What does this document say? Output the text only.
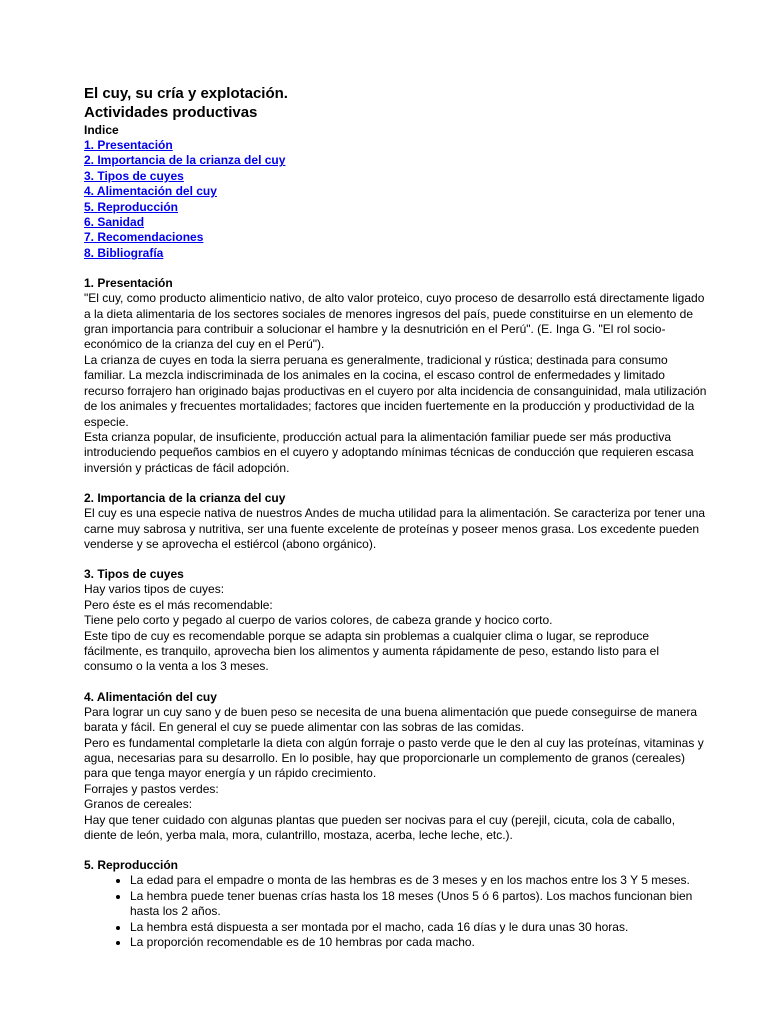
El cuy, su cría y explotación.
Actividades productivas
Indice
1. Presentación
2. Importancia de la crianza del cuy
3. Tipos de cuyes
4. Alimentación del cuy
5. Reproducción
6. Sanidad
7. Recomendaciones
8. Bibliografía
1. Presentación

"El cuy, como producto alimenticio nativo, de alto valor proteico, cuyo proceso de desarrollo está directamente ligado a la dieta alimentaria de los sectores sociales de menores ingresos del país, puede constituirse en un elemento de gran importancia para contribuir a solucionar el hambre y la desnutrición en el Perú". (E. Inga G. "El rol socio-económico de la crianza del cuy en el Perú").

La crianza de cuyes en toda la sierra peruana es generalmente, tradicional y rústica; destinada para consumo familiar. La mezcla indiscriminada de los animales en la cocina, el escaso control de enfermedades y limitado recurso forrajero han originado bajas productivas en el cuyero por alta incidencia de consanguinidad, mala utilización de los animales y frecuentes mortalidades; factores que inciden fuertemente en la producción y productividad de la especie.

Esta crianza popular, de insuficiente, producción actual para la alimentación familiar puede ser más productiva introduciendo pequeños cambios en el cuyero y adoptando mínimas técnicas de conducción que requieren escasa inversión y prácticas de fácil adopción.

2. Importancia de la crianza del cuy

El cuy es una especie nativa de nuestros Andes de mucha utilidad para la alimentación. Se caracteriza por tener una carne muy sabrosa y nutritiva, ser una fuente excelente de proteínas y poseer menos grasa. Los excedente pueden venderse y se aprovecha el estiércol (abono orgánico).

3. Tipos de cuyes

Hay varios tipos de cuyes:

Pero éste es el más recomendable:

Tiene pelo corto y pegado al cuerpo de varios colores, de cabeza grande y hocico corto.

Este tipo de cuy es recomendable porque se adapta sin problemas a cualquier clima o lugar, se reproduce fácilmente, es tranquilo, aprovecha bien los alimentos y aumenta rápidamente de peso, estando listo para el consumo o la venta a los 3 meses.

4. Alimentación del cuy

Para lograr un cuy sano y de buen peso se necesita de una buena alimentación que puede conseguirse de manera barata y fácil. En general el cuy se puede alimentar con las sobras de las comidas.

Pero es fundamental completarle la dieta con algún forraje o pasto verde que le den al cuy las proteínas, vitaminas y agua, necesarias para su desarrollo. En lo posible, hay que proporcionarle un complemento de granos (cereales) para que tenga mayor energía y un rápido crecimiento.

Forrajes y pastos verdes:

Granos de cereales:

Hay que tener cuidado con algunas plantas que pueden ser nocivas para el cuy (perejil, cicuta, cola de caballo, diente de león, yerba mala, mora, culantrillo, mostaza, acerba, leche leche, etc.).

5. Reproducción
• La edad para el empadre o monta de las hembras es de 3 meses y en los machos entre los 3 Y 5 meses.
• La hembra puede tener buenas crías hasta los 18 meses (Unos 5 ó 6 partos). Los machos funcionan bien hasta los 2 años.
• La hembra está dispuesta a ser montada por el macho, cada 16 días y le dura unas 30 horas.
• La proporción recomendable es de 10 hembras por cada macho.
